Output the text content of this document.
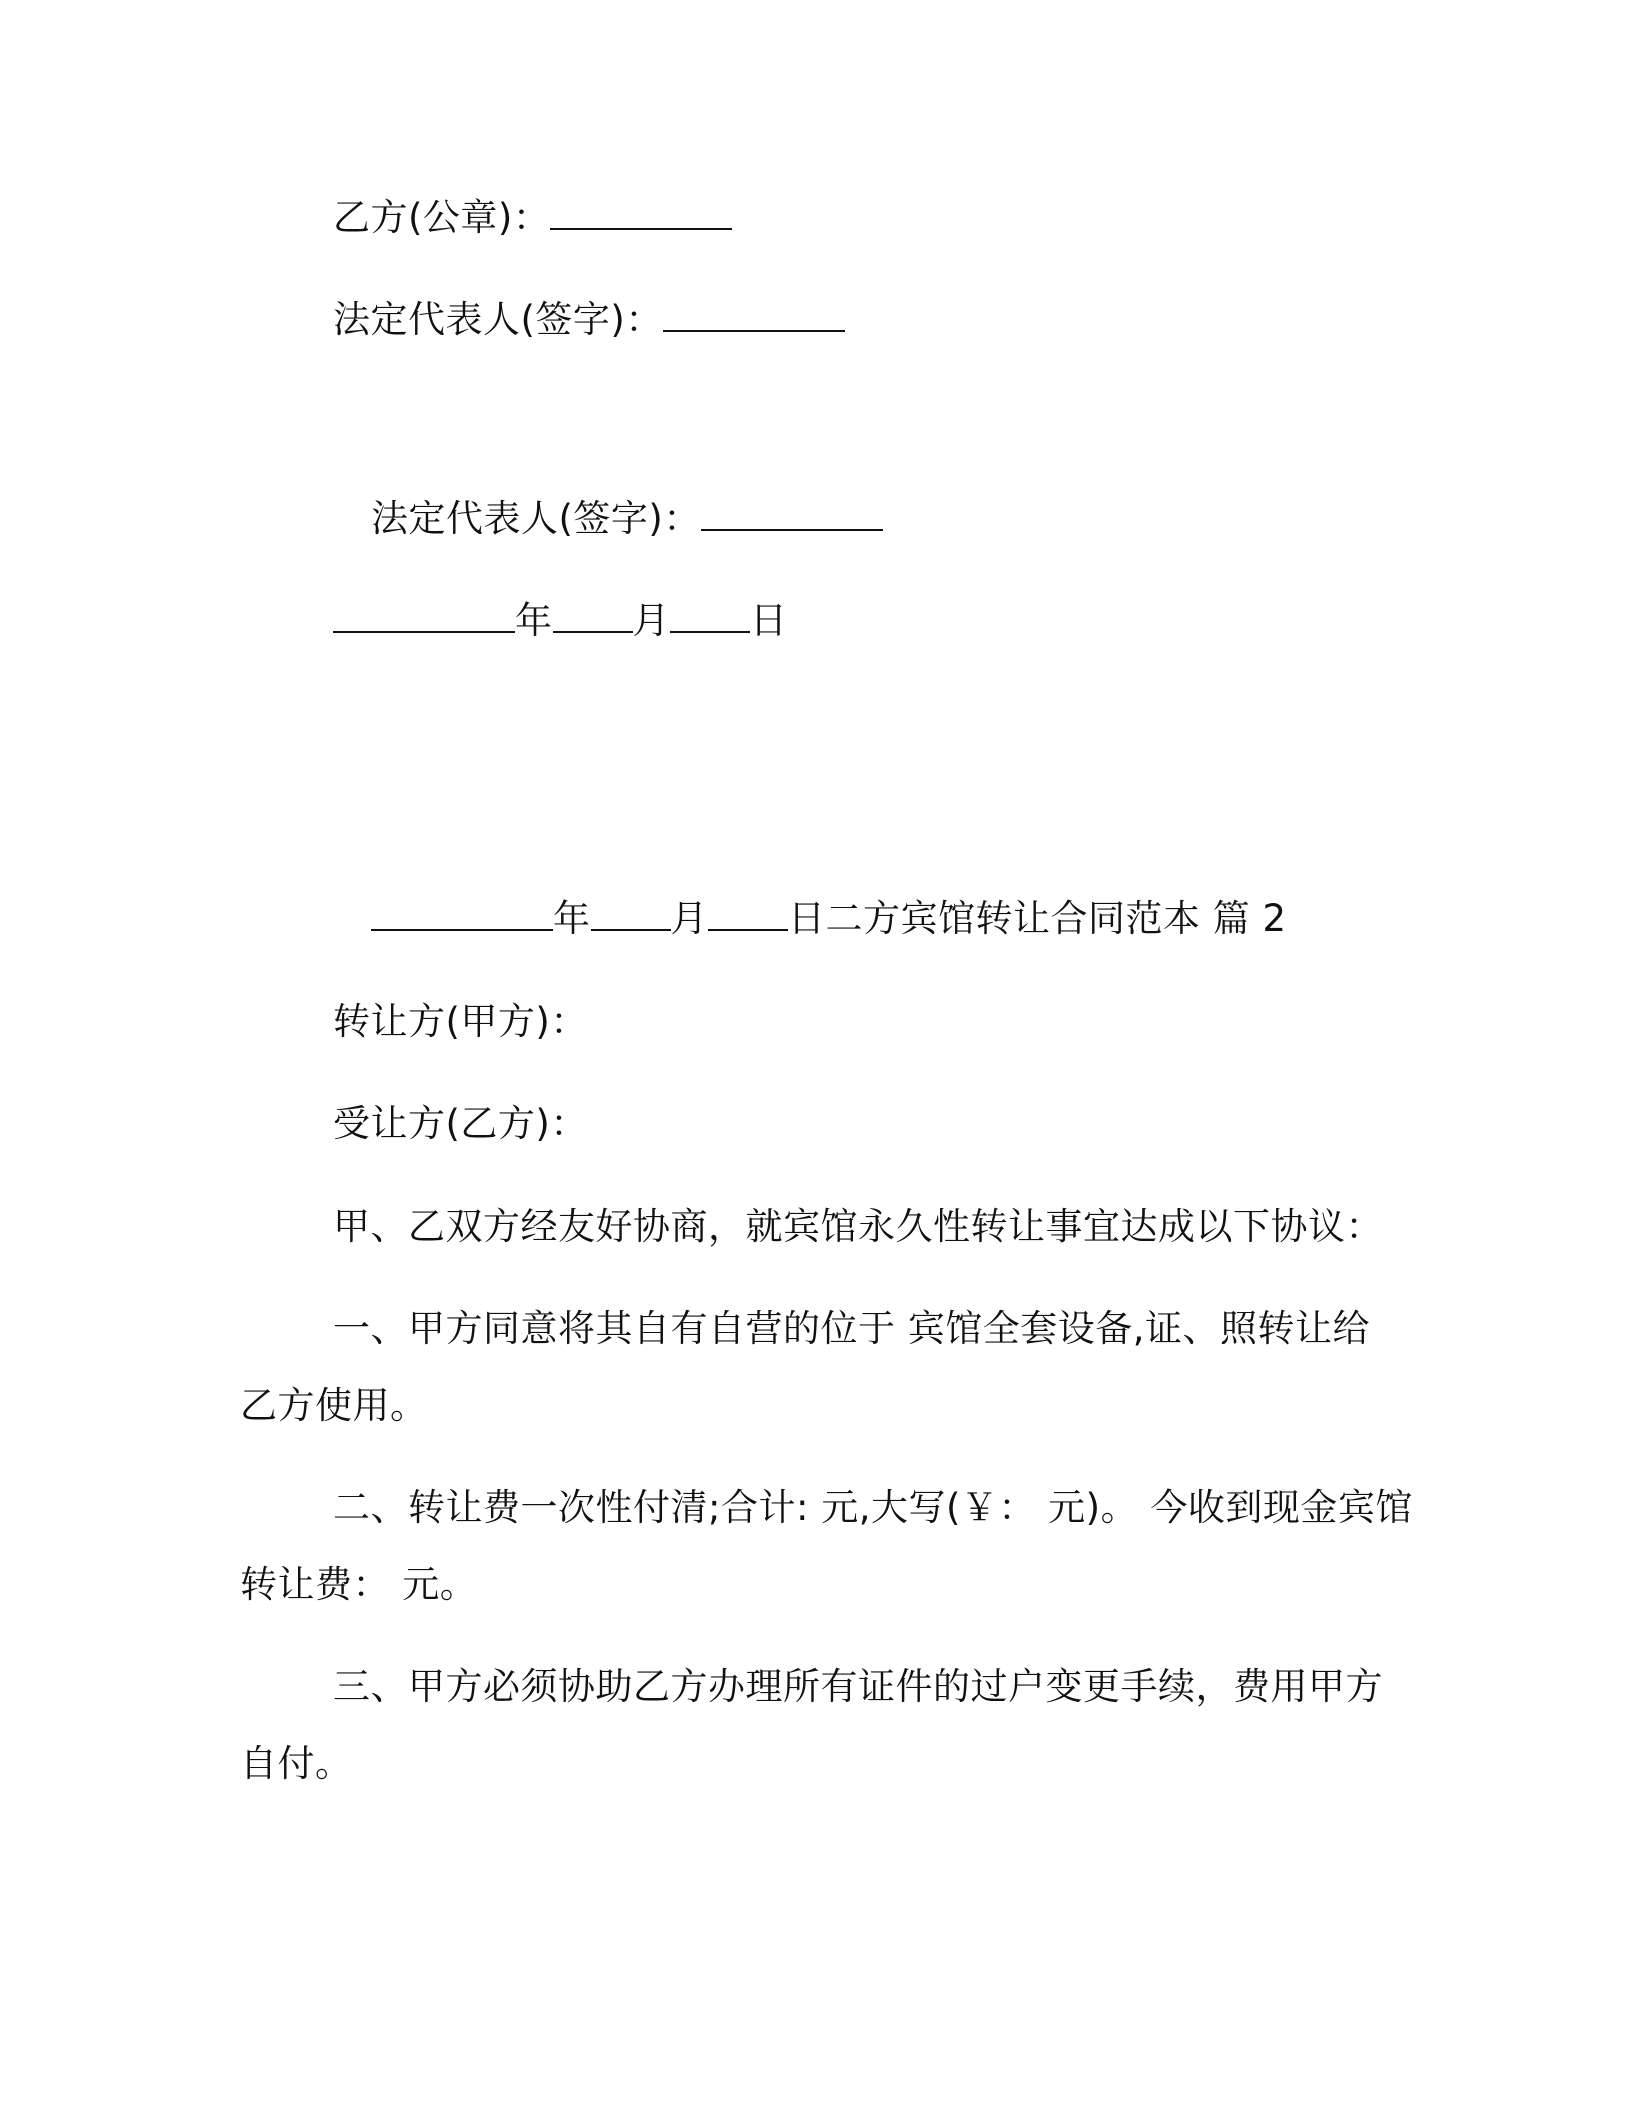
乙方(公章)：
法定代表人(签字)：
法定代表人(签字)：
年 月 日
年 月 日二方宾馆转让合同范本 篇 2
转让方(甲方)：
受让方(乙方)：
甲、乙双方经友好协商，就宾馆永久性转让事宜达成以下协议：
一、甲方同意将其自有自营的位于 宾馆全套设备,证、照转让给
乙方使用。
二、转让费一次性付清;合计: 元,大写(￥： 元)。 今收到现金宾馆
转让费： 元。
三、甲方必须协助乙方办理所有证件的过户变更手续，费用甲方
自付。
